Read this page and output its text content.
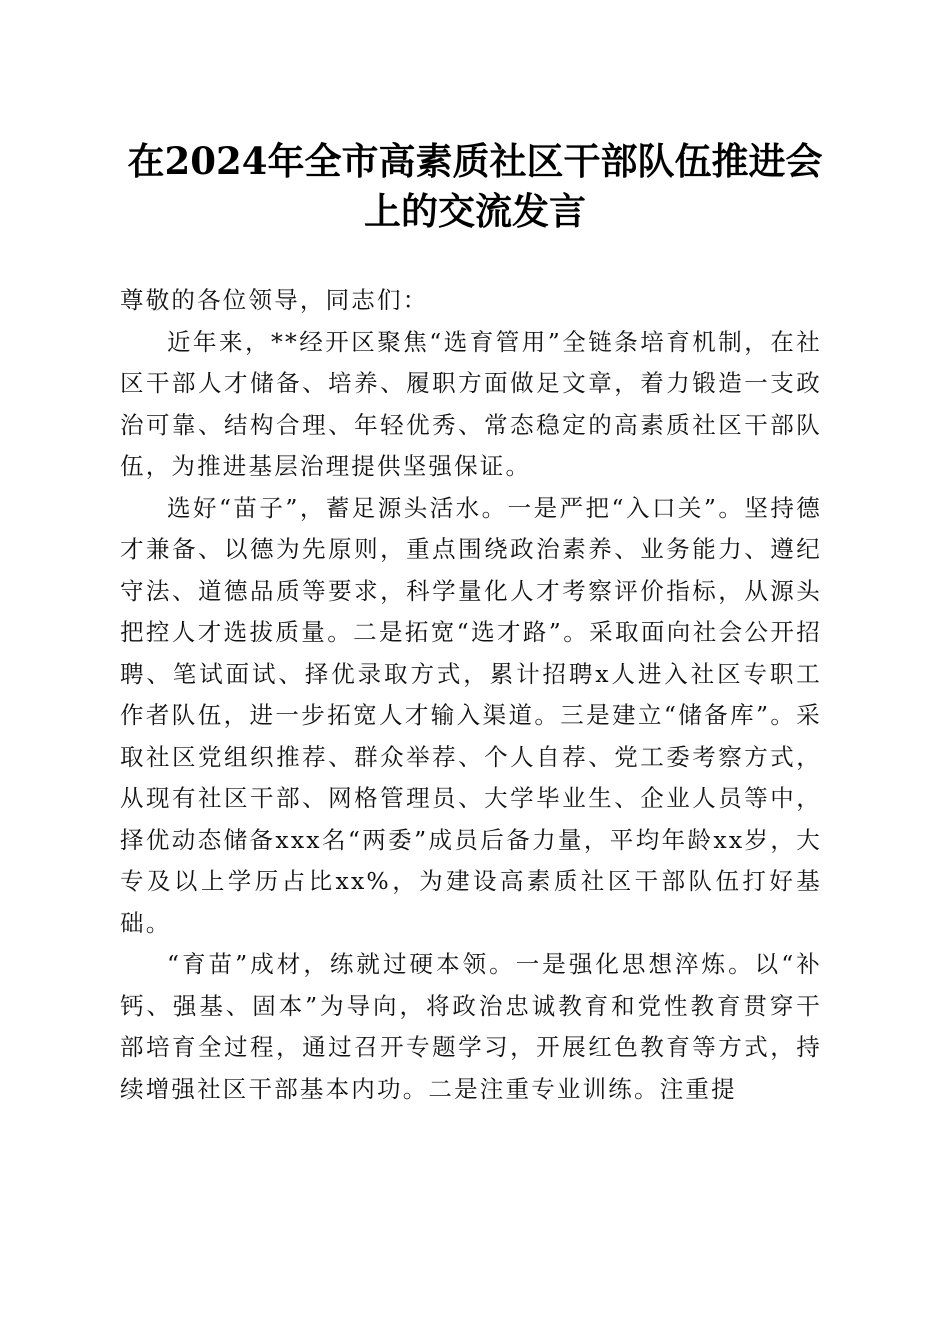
在2024年全市高素质社区干部队伍推进会上的交流发言

尊敬的各位领导，同志们：

近年来，**经开区聚焦“选育管用”全链条培育机制，在社区干部人才储备、培养、履职方面做足文章，着力锻造一支政治可靠、结构合理、年轻优秀、常态稳定的高素质社区干部队伍，为推进基层治理提供坚强保证。

选好“苗子”，蓄足源头活水。一是严把“入口关”。坚持德才兼备、以德为先原则，重点围绕政治素养、业务能力、遵纪守法、道德品质等要求，科学量化人才考察评价指标，从源头把控人才选拔质量。二是拓宽“选才路”。采取面向社会公开招聘、笔试面试、择优录取方式，累计招聘x人进入社区专职工作者队伍，进一步拓宽人才输入渠道。三是建立“储备库”。采取社区党组织推荐、群众举荐、个人自荐、党工委考察方式，从现有社区干部、网格管理员、大学毕业生、企业人员等中，择优动态储备xxx名“两委”成员后备力量，平均年龄xx岁，大专及以上学历占比xx%，为建设高素质社区干部队伍打好基础。

“育苗”成材，练就过硬本领。一是强化思想淬炼。以“补钙、强基、固本”为导向，将政治忠诚教育和党性教育贯穿干部培育全过程，通过召开专题学习，开展红色教育等方式，持续增强社区干部基本内功。二是注重专业训练。注重提
